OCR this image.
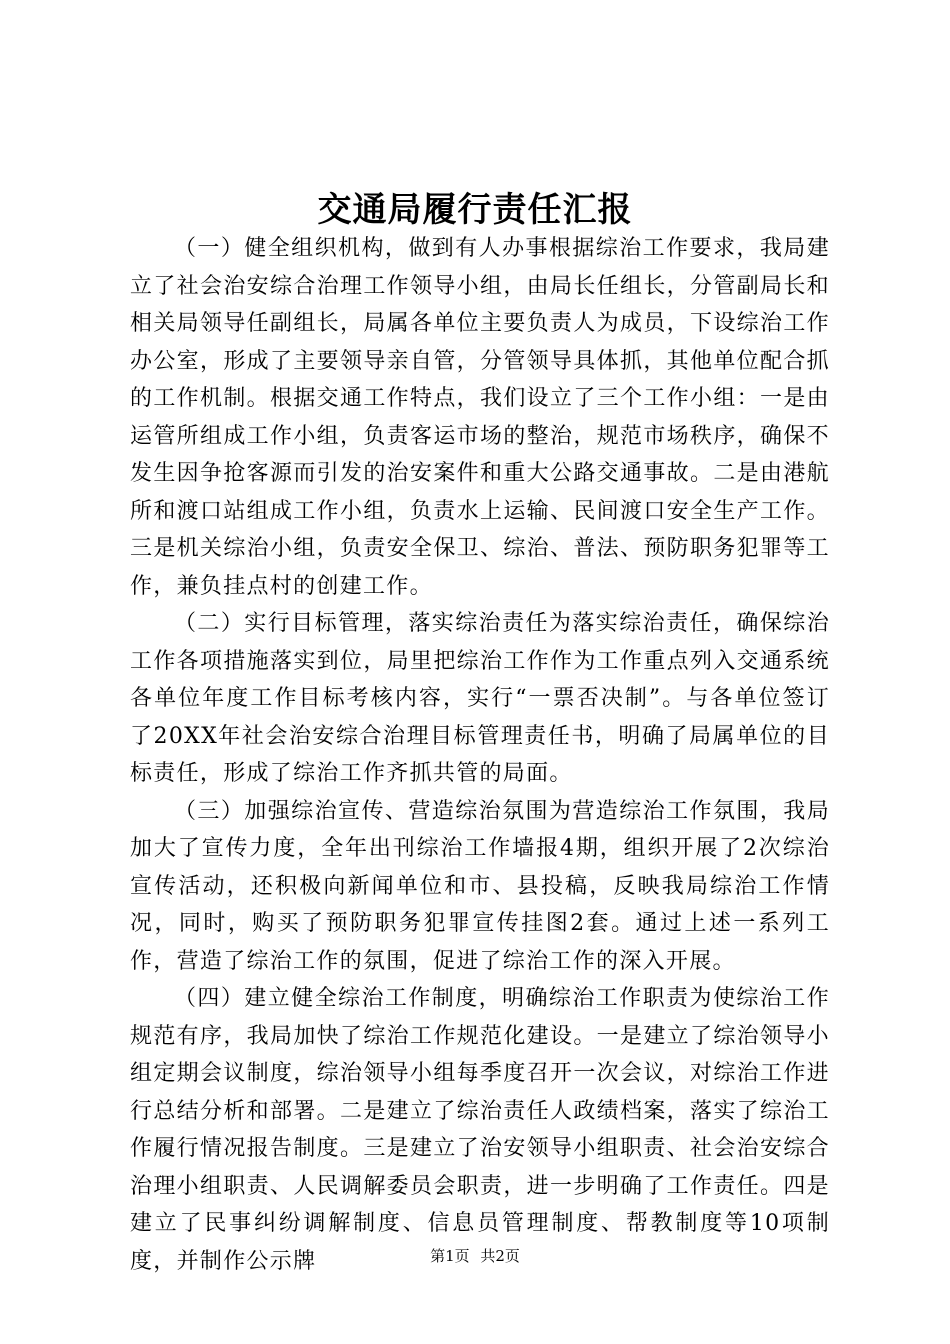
交通局履行责任汇报

（一）健全组织机构，做到有人办事根据综治工作要求，我局建立了社会治安综合治理工作领导小组，由局长任组长，分管副局长和相关局领导任副组长，局属各单位主要负责人为成员，下设综治工作办公室，形成了主要领导亲自管，分管领导具体抓，其他单位配合抓的工作机制。根据交通工作特点，我们设立了三个工作小组：一是由运管所组成工作小组，负责客运市场的整治，规范市场秩序，确保不发生因争抢客源而引发的治安案件和重大公路交通事故。二是由港航所和渡口站组成工作小组，负责水上运输、民间渡口安全生产工作。三是机关综治小组，负责安全保卫、综治、普法、预防职务犯罪等工作，兼负挂点村的创建工作。

（二）实行目标管理，落实综治责任为落实综治责任，确保综治工作各项措施落实到位，局里把综治工作作为工作重点列入交通系统各单位年度工作目标考核内容，实行“一票否决制”。与各单位签订了20XX年社会治安综合治理目标管理责任书，明确了局属单位的目标责任，形成了综治工作齐抓共管的局面。

（三）加强综治宣传、营造综治氛围为营造综治工作氛围，我局加大了宣传力度，全年出刊综治工作墙报4期，组织开展了2次综治宣传活动，还积极向新闻单位和市、县投稿，反映我局综治工作情况，同时，购买了预防职务犯罪宣传挂图2套。通过上述一系列工作，营造了综治工作的氛围，促进了综治工作的深入开展。

（四）建立健全综治工作制度，明确综治工作职责为使综治工作规范有序，我局加快了综治工作规范化建设。一是建立了综治领导小组定期会议制度，综治领导小组每季度召开一次会议，对综治工作进行总结分析和部署。二是建立了综治责任人政绩档案，落实了综治工作履行情况报告制度。三是建立了治安领导小组职责、社会治安综合治理小组职责、人民调解委员会职责，进一步明确了工作责任。四是建立了民事纠纷调解制度、信息员管理制度、帮教制度等10项制度，并制作公示牌	第1页 共2页
